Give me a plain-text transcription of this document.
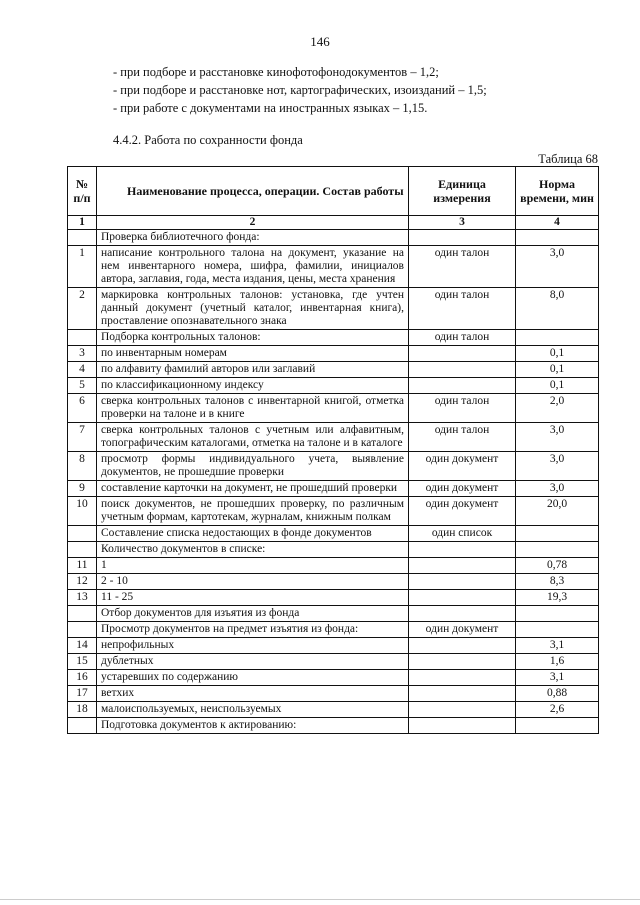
146

- при подборе и расстановке кинофотофонодокументов – 1,2;

- при подборе и расстановке нот, картографических, изоизданий – 1,5;

- при работе с документами на иностранных языках – 1,15.

4.4.2. Работа по сохранности фонда
Таблица 68
№ п/п	Наименование процесса, операции. Состав работы	Единица измерения	Норма времени, мин
1	2	3	4
	Проверка библиотечного фонда:		
1	написание контрольного талона на документ, указание на нем инвентарного номера, шифра, фамилии, инициалов автора, заглавия, года, места издания, цены, места хранения	один талон	3,0
2	маркировка контрольных талонов: установка, где учтен данный документ (учетный каталог, инвентарная книга), проставление опознавательного знака	один талон	8,0
	Подборка контрольных талонов:	один талон	
3	по инвентарным номерам		0,1
4	по алфавиту фамилий авторов или заглавий		0,1
5	по классификационному индексу		0,1
6	сверка контрольных талонов с инвентарной книгой, отметка проверки на талоне и в книге	один талон	2,0
7	сверка контрольных талонов с учетным или алфавитным, топографическим каталогами, отметка на талоне и в каталоге	один талон	3,0
8	просмотр формы индивидуального учета, выявление документов, не прошедшие проверки	один документ	3,0
9	составление карточки на документ, не прошедший проверки	один документ	3,0
10	поиск документов, не прошедших проверку, по различным учетным формам, картотекам, журналам, книжным полкам	один документ	20,0
	Составление списка недостающих в фонде документов	один список	
	Количество документов в списке:		
11	1		0,78
12	2 - 10		8,3
13	11 - 25		19,3
	Отбор документов для изъятия из фонда		
	Просмотр документов на предмет изъятия из фонда:	один документ	
14	непрофильных		3,1
15	дублетных		1,6
16	устаревших по содержанию		3,1
17	ветхих		0,88
18	малоиспользуемых, неиспользуемых		2,6
	Подготовка документов к актированию:		
